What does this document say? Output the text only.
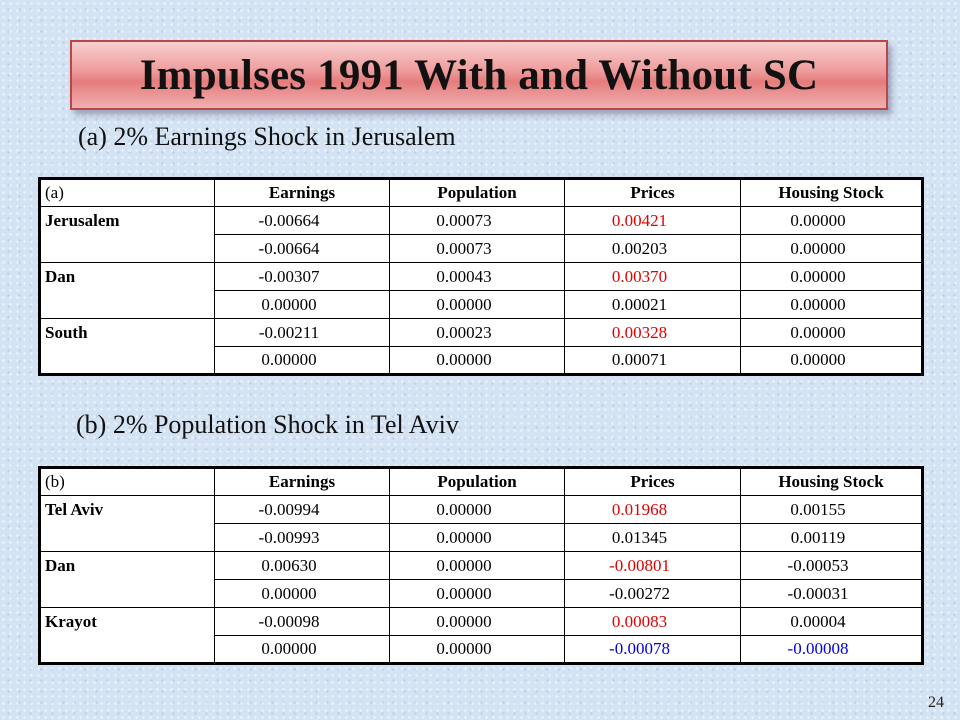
Impulses 1991 With and Without SC
(a) 2% Earnings Shock in Jerusalem
(a)	Earnings	Population	Prices	Housing Stock
Jerusalem	-0.00664	0.00073	0.00421	0.00000
	-0.00664	0.00073	0.00203	0.00000
Dan	-0.00307	0.00043	0.00370	0.00000
	0.00000	0.00000	0.00021	0.00000
South	-0.00211	0.00023	0.00328	0.00000
	0.00000	0.00000	0.00071	0.00000
(b) 2% Population Shock in Tel Aviv
(b)	Earnings	Population	Prices	Housing Stock
Tel Aviv	-0.00994	0.00000	0.01968	0.00155
	-0.00993	0.00000	0.01345	0.00119
Dan	0.00630	0.00000	-0.00801	-0.00053
	0.00000	0.00000	-0.00272	-0.00031
Krayot	-0.00098	0.00000	0.00083	0.00004
	0.00000	0.00000	-0.00078	-0.00008
24
